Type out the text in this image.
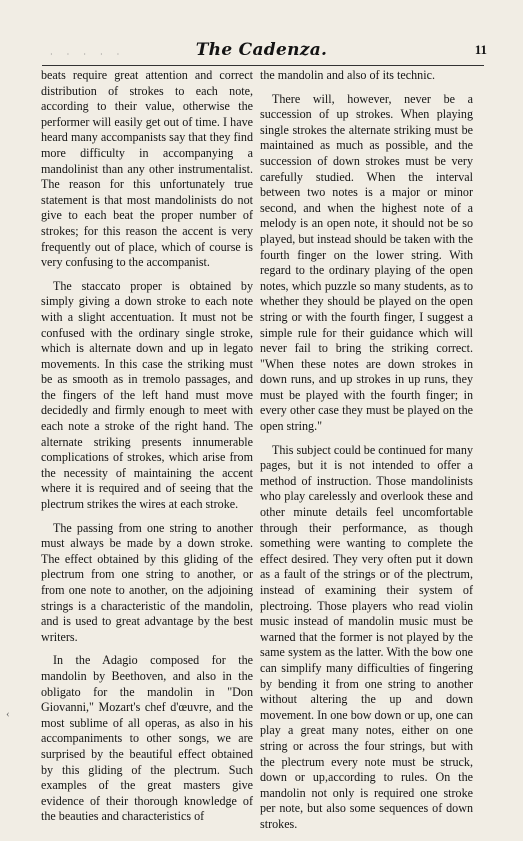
· · · · ·	The Cadenza.	11

beats require great attention and correct distribution of strokes to each note, according to their value, otherwise the performer will easily get out of time. I have heard many accompanists say that they find more difficulty in accompanying a mandolinist than any other instrumentalist. The reason for this unfortunately true statement is that most mandolinists do not give to each beat the proper number of strokes; for this reason the accent is very frequently out of place, which of course is very confusing to the accompanist.

The staccato proper is obtained by simply giving a down stroke to each note with a slight accentuation. It must not be confused with the ordinary single stroke, which is alternate down and up in legato movements. In this case the striking must be as smooth as in tremolo passages, and the fingers of the left hand must move decidedly and firmly enough to meet with each note a stroke of the right hand. The alternate striking presents innumerable complications of strokes, which arise from the necessity of maintaining the accent where it is required and of seeing that the plectrum strikes the wires at each stroke.

The passing from one string to another must always be made by a down stroke. The effect obtained by this gliding of the plectrum from one string to another, or from one note to another, on the adjoining strings is a characteristic of the mandolin, and is used to great advantage by the best writers.

In the Adagio composed for the mandolin by Beethoven, and also in the obligato for the mandolin in "Don Giovanni," Mozart's chef d'œuvre, and the most sublime of all operas, as also in his accompaniments to other songs, we are surprised by the beautiful effect obtained by this gliding of the plectrum. Such examples of the great masters give evidence of their thorough knowledge of the beauties and characteristics of

the mandolin and also of its technic.

There will, however, never be a succession of up strokes. When playing single strokes the alternate striking must be maintained as much as possible, and the succession of down strokes must be very carefully studied. When the interval between two notes is a major or minor second, and when the highest note of a melody is an open note, it should not be so played, but instead should be taken with the fourth finger on the lower string. With regard to the ordinary playing of the open notes, which puzzle so many students, as to whether they should be played on the open string or with the fourth finger, I suggest a simple rule for their guidance which will never fail to bring the striking correct. "When these notes are down strokes in down runs, and up strokes in up runs, they must be played with the fourth finger; in every other case they must be played on the open string."

This subject could be continued for many pages, but it is not intended to offer a method of instruction. Those mandolinists who play carelessly and overlook these and other minute details feel uncomfortable through their performance, as though something were wanting to complete the effect desired. They very often put it down as a fault of the strings or of the plectrum, instead of examining their system of plectroing. Those players who read violin music instead of mandolin music must be warned that the former is not played by the same system as the latter. With the bow one can simplify many difficulties of fingering by bending it from one string to another without altering the up and down movement. In one bow down or up, one can play a great many notes, either on one string or across the four strings, but with the plectrum every note must be struck, down or up,according to rules. On the mandolin not only is required one stroke per note, but also some sequences of down strokes.

‹
